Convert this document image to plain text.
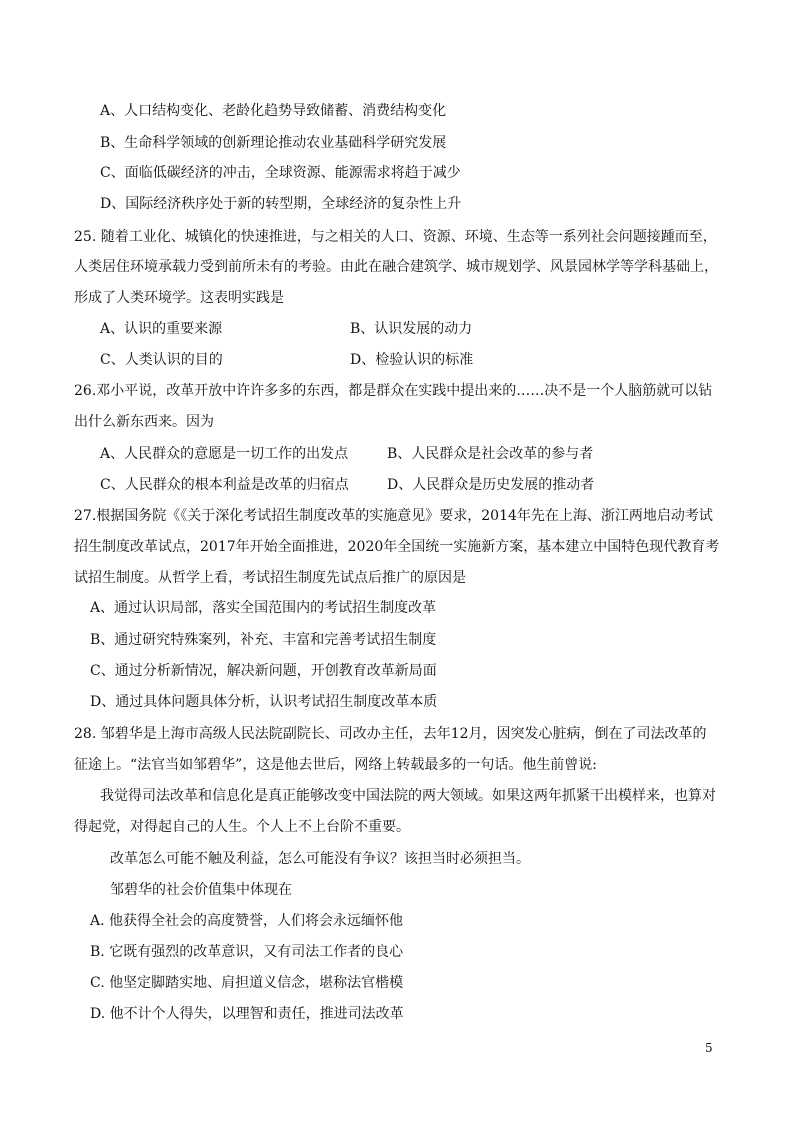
A、人口结构变化、老龄化趋势导致储蓄、消费结构变化
B、生命科学领域的创新理论推动农业基础科学研究发展
C、面临低碳经济的冲击，全球资源、能源需求将趋于减少
D、国际经济秩序处于新的转型期，全球经济的复杂性上升
25. 随着工业化、城镇化的快速推进，与之相关的人口、资源、环境、生态等一系列社会问题接踵而至，
人类居住环境承载力受到前所未有的考验。由此在融合建筑学、城市规划学、风景园林学等学科基础上，
形成了人类环境学。这表明实践是
A、认识的重要来源	B、认识发展的动力
C、人类认识的目的	D、检验认识的标准
26.邓小平说，改革开放中许许多多的东西，都是群众在实践中提出来的……决不是一个人脑筋就可以钻
出什么新东西来。因为
A、人民群众的意愿是一切工作的出发点	B、人民群众是社会改革的参与者
C、人民群众的根本利益是改革的归宿点	D、人民群众是历史发展的推动者
27.根据国务院《《关于深化考试招生制度改革的实施意见》要求，2014年先在上海、浙江两地启动考试
招生制度改革试点，2017年开始全面推进，2020年全国统一实施新方案，基本建立中国特色现代教育考
试招生制度。从哲学上看，考试招生制度先试点后推广的原因是
A、通过认识局部，落实全国范围内的考试招生制度改革
B、通过研究特殊案列，补充、丰富和完善考试招生制度
C、通过分析新情况，解决新问题，开创教育改革新局面
D、通过具体问题具体分析，认识考试招生制度改革本质
28. 邹碧华是上海市高级人民法院副院长、司改办主任，去年12月，因突发心脏病，倒在了司法改革的
征途上。“法官当如邹碧华”，这是他去世后，网络上转载最多的一句话。他生前曾说:
我觉得司法改革和信息化是真正能够改变中国法院的两大领域。如果这两年抓紧干出模样来，也算对
得起党，对得起自己的人生。个人上不上台阶不重要。
改革怎么可能不触及利益，怎么可能没有争议？该担当时必须担当。
邹碧华的社会价值集中体现在
A. 他获得全社会的高度赞誉，人们将会永远缅怀他
B. 它既有强烈的改革意识，又有司法工作者的良心
C. 他坚定脚踏实地、肩担道义信念，堪称法官楷模
D. 他不计个人得失，以理智和责任，推进司法改革
5
